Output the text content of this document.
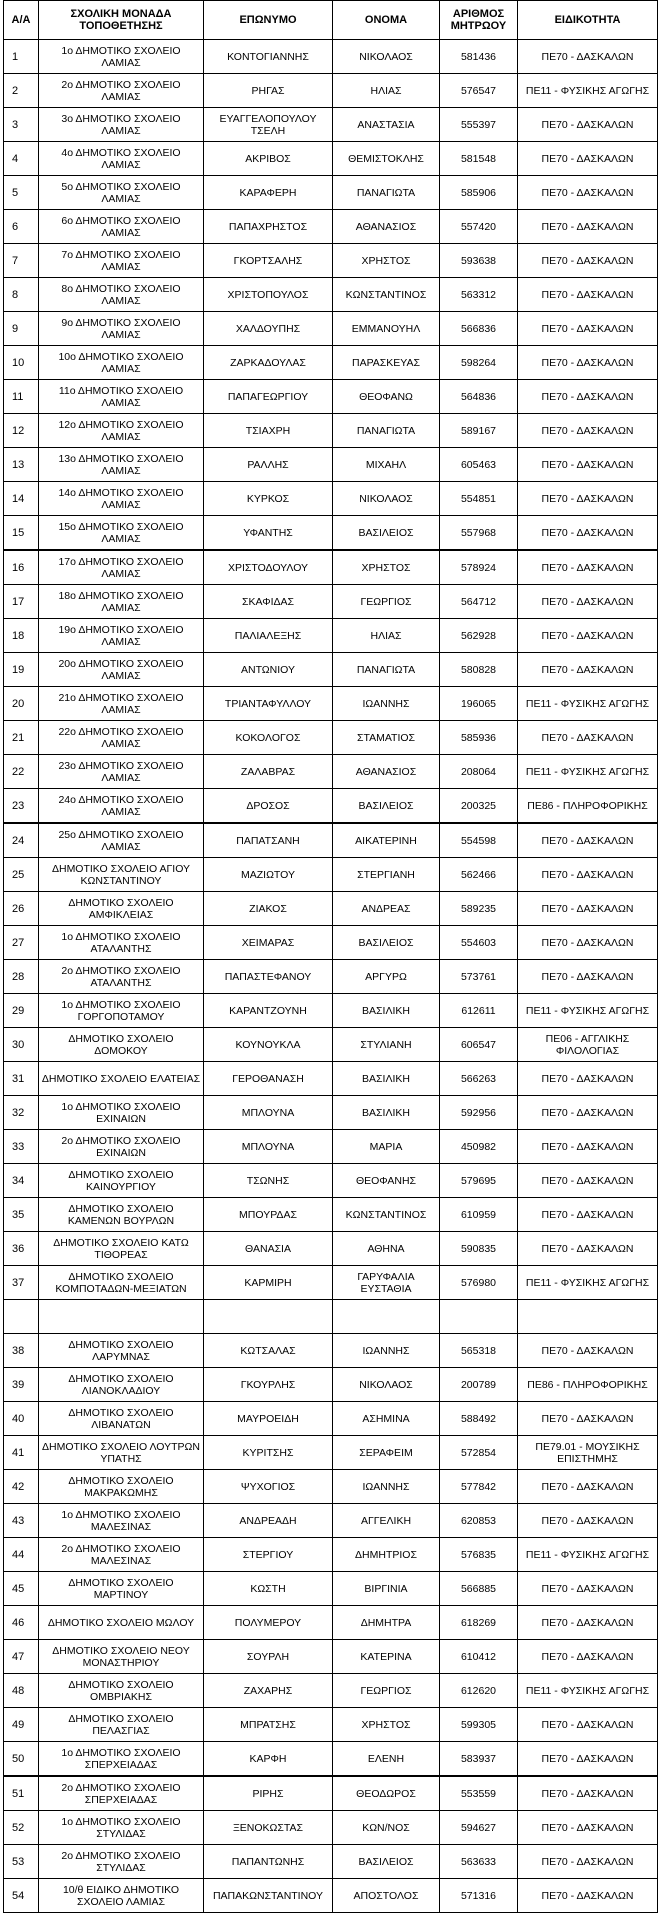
Α/Α	ΣΧΟΛΙΚΗ ΜΟΝΑΔΑ ΤΟΠΟΘΕΤΗΣΗΣ	ΕΠΩΝΥΜΟ	ΟΝΟΜΑ	ΑΡΙΘΜΟΣ ΜΗΤΡΩΟΥ	ΕΙΔΙΚΟΤΗΤΑ
1	1ο ΔΗΜΟΤΙΚΟ ΣΧΟΛΕΙΟ ΛΑΜΙΑΣ	ΚΟΝΤΟΓΙΑΝΝΗΣ	ΝΙΚΟΛΑΟΣ	581436	ΠΕ70 - ΔΑΣΚΑΛΩΝ
2	2ο ΔΗΜΟΤΙΚΟ ΣΧΟΛΕΙΟ ΛΑΜΙΑΣ	ΡΗΓΑΣ	ΗΛΙΑΣ	576547	ΠΕ11 - ΦΥΣΙΚΗΣ ΑΓΩΓΗΣ
3	3ο ΔΗΜΟΤΙΚΟ ΣΧΟΛΕΙΟ ΛΑΜΙΑΣ	ΕΥΑΓΓΕΛΟΠΟΥΛΟΥ ΤΣΕΛΗ	ΑΝΑΣΤΑΣΙΑ	555397	ΠΕ70 - ΔΑΣΚΑΛΩΝ
4	4ο ΔΗΜΟΤΙΚΟ ΣΧΟΛΕΙΟ ΛΑΜΙΑΣ	ΑΚΡΙΒΟΣ	ΘΕΜΙΣΤΟΚΛΗΣ	581548	ΠΕ70 - ΔΑΣΚΑΛΩΝ
5	5ο ΔΗΜΟΤΙΚΟ ΣΧΟΛΕΙΟ ΛΑΜΙΑΣ	ΚΑΡΑΦΕΡΗ	ΠΑΝΑΓΙΩΤΑ	585906	ΠΕ70 - ΔΑΣΚΑΛΩΝ
6	6ο ΔΗΜΟΤΙΚΟ ΣΧΟΛΕΙΟ ΛΑΜΙΑΣ	ΠΑΠΑΧΡΗΣΤΟΣ	ΑΘΑΝΑΣΙΟΣ	557420	ΠΕ70 - ΔΑΣΚΑΛΩΝ
7	7ο ΔΗΜΟΤΙΚΟ ΣΧΟΛΕΙΟ ΛΑΜΙΑΣ	ΓΚΟΡΤΣΑΛΗΣ	ΧΡΗΣΤΟΣ	593638	ΠΕ70 - ΔΑΣΚΑΛΩΝ
8	8ο ΔΗΜΟΤΙΚΟ ΣΧΟΛΕΙΟ ΛΑΜΙΑΣ	ΧΡΙΣΤΟΠΟΥΛΟΣ	ΚΩΝΣΤΑΝΤΙΝΟΣ	563312	ΠΕ70 - ΔΑΣΚΑΛΩΝ
9	9ο ΔΗΜΟΤΙΚΟ ΣΧΟΛΕΙΟ ΛΑΜΙΑΣ	ΧΑΛΔΟΥΠΗΣ	ΕΜΜΑΝΟΥΗΛ	566836	ΠΕ70 - ΔΑΣΚΑΛΩΝ
10	10ο ΔΗΜΟΤΙΚΟ ΣΧΟΛΕΙΟ ΛΑΜΙΑΣ	ΖΑΡΚΑΔΟΥΛΑΣ	ΠΑΡΑΣΚΕΥΑΣ	598264	ΠΕ70 - ΔΑΣΚΑΛΩΝ
11	11ο ΔΗΜΟΤΙΚΟ ΣΧΟΛΕΙΟ ΛΑΜΙΑΣ	ΠΑΠΑΓΕΩΡΓΙΟΥ	ΘΕΟΦΑΝΩ	564836	ΠΕ70 - ΔΑΣΚΑΛΩΝ
12	12ο ΔΗΜΟΤΙΚΟ ΣΧΟΛΕΙΟ ΛΑΜΙΑΣ	ΤΣΙΑΧΡΗ	ΠΑΝΑΓΙΩΤΑ	589167	ΠΕ70 - ΔΑΣΚΑΛΩΝ
13	13ο ΔΗΜΟΤΙΚΟ ΣΧΟΛΕΙΟ ΛΑΜΙΑΣ	ΡΑΛΛΗΣ	ΜΙΧΑΗΛ	605463	ΠΕ70 - ΔΑΣΚΑΛΩΝ
14	14ο ΔΗΜΟΤΙΚΟ ΣΧΟΛΕΙΟ ΛΑΜΙΑΣ	ΚΥΡΚΟΣ	ΝΙΚΟΛΑΟΣ	554851	ΠΕ70 - ΔΑΣΚΑΛΩΝ
15	15ο ΔΗΜΟΤΙΚΟ ΣΧΟΛΕΙΟ ΛΑΜΙΑΣ	ΥΦΑΝΤΗΣ	ΒΑΣΙΛΕΙΟΣ	557968	ΠΕ70 - ΔΑΣΚΑΛΩΝ
16	17ο ΔΗΜΟΤΙΚΟ ΣΧΟΛΕΙΟ ΛΑΜΙΑΣ	ΧΡΙΣΤΟΔΟΥΛΟΥ	ΧΡΗΣΤΟΣ	578924	ΠΕ70 - ΔΑΣΚΑΛΩΝ
17	18ο ΔΗΜΟΤΙΚΟ ΣΧΟΛΕΙΟ ΛΑΜΙΑΣ	ΣΚΑΦΙΔΑΣ	ΓΕΩΡΓΙΟΣ	564712	ΠΕ70 - ΔΑΣΚΑΛΩΝ
18	19ο ΔΗΜΟΤΙΚΟ ΣΧΟΛΕΙΟ ΛΑΜΙΑΣ	ΠΑΛΙΑΛΕΞΗΣ	ΗΛΙΑΣ	562928	ΠΕ70 - ΔΑΣΚΑΛΩΝ
19	20ο ΔΗΜΟΤΙΚΟ ΣΧΟΛΕΙΟ ΛΑΜΙΑΣ	ΑΝΤΩΝΙΟΥ	ΠΑΝΑΓΙΩΤΑ	580828	ΠΕ70 - ΔΑΣΚΑΛΩΝ
20	21ο ΔΗΜΟΤΙΚΟ ΣΧΟΛΕΙΟ ΛΑΜΙΑΣ	ΤΡΙΑΝΤΑΦΥΛΛΟΥ	ΙΩΑΝΝΗΣ	196065	ΠΕ11 - ΦΥΣΙΚΗΣ ΑΓΩΓΗΣ
21	22ο ΔΗΜΟΤΙΚΟ ΣΧΟΛΕΙΟ ΛΑΜΙΑΣ	ΚΟΚΟΛΟΓΟΣ	ΣΤΑΜΑΤΙΟΣ	585936	ΠΕ70 - ΔΑΣΚΑΛΩΝ
22	23ο ΔΗΜΟΤΙΚΟ ΣΧΟΛΕΙΟ ΛΑΜΙΑΣ	ΖΑΛΑΒΡΑΣ	ΑΘΑΝΑΣΙΟΣ	208064	ΠΕ11 - ΦΥΣΙΚΗΣ ΑΓΩΓΗΣ
23	24ο ΔΗΜΟΤΙΚΟ ΣΧΟΛΕΙΟ ΛΑΜΙΑΣ	ΔΡΟΣΟΣ	ΒΑΣΙΛΕΙΟΣ	200325	ΠΕ86 - ΠΛΗΡΟΦΟΡΙΚΗΣ
24	25ο ΔΗΜΟΤΙΚΟ ΣΧΟΛΕΙΟ ΛΑΜΙΑΣ	ΠΑΠΑΤΣΑΝΗ	ΑΙΚΑΤΕΡΙΝΗ	554598	ΠΕ70 - ΔΑΣΚΑΛΩΝ
25	ΔΗΜΟΤΙΚΟ ΣΧΟΛΕΙΟ ΑΓΙΟΥ ΚΩΝΣΤΑΝΤΙΝΟΥ	ΜΑΖΙΩΤΟΥ	ΣΤΕΡΓΙΑΝΗ	562466	ΠΕ70 - ΔΑΣΚΑΛΩΝ
26	ΔΗΜΟΤΙΚΟ ΣΧΟΛΕΙΟ ΑΜΦΙΚΛΕΙΑΣ	ΖΙΑΚΟΣ	ΑΝΔΡΕΑΣ	589235	ΠΕ70 - ΔΑΣΚΑΛΩΝ
27	1ο ΔΗΜΟΤΙΚΟ ΣΧΟΛΕΙΟ ΑΤΑΛΑΝΤΗΣ	ΧΕΙΜΑΡΑΣ	ΒΑΣΙΛΕΙΟΣ	554603	ΠΕ70 - ΔΑΣΚΑΛΩΝ
28	2ο ΔΗΜΟΤΙΚΟ ΣΧΟΛΕΙΟ ΑΤΑΛΑΝΤΗΣ	ΠΑΠΑΣΤΕΦΑΝΟΥ	ΑΡΓΥΡΩ	573761	ΠΕ70 - ΔΑΣΚΑΛΩΝ
29	1ο ΔΗΜΟΤΙΚΟ ΣΧΟΛΕΙΟ ΓΟΡΓΟΠΟΤΑΜΟΥ	ΚΑΡΑΝΤΖΟΥΝΗ	ΒΑΣΙΛΙΚΗ	612611	ΠΕ11 - ΦΥΣΙΚΗΣ ΑΓΩΓΗΣ
30	ΔΗΜΟΤΙΚΟ ΣΧΟΛΕΙΟ ΔΟΜΟΚΟΥ	ΚΟΥΝΟΥΚΛΑ	ΣΤΥΛΙΑΝΗ	606547	ΠΕ06 - ΑΓΓΛΙΚΗΣ ΦΙΛΟΛΟΓΙΑΣ
31	ΔΗΜΟΤΙΚΟ ΣΧΟΛΕΙΟ ΕΛΑΤΕΙΑΣ	ΓΕΡΟΘΑΝΑΣΗ	ΒΑΣΙΛΙΚΗ	566263	ΠΕ70 - ΔΑΣΚΑΛΩΝ
32	1ο ΔΗΜΟΤΙΚΟ ΣΧΟΛΕΙΟ ΕΧΙΝΑΙΩΝ	ΜΠΛΟΥΝΑ	ΒΑΣΙΛΙΚΗ	592956	ΠΕ70 - ΔΑΣΚΑΛΩΝ
33	2ο ΔΗΜΟΤΙΚΟ ΣΧΟΛΕΙΟ ΕΧΙΝΑΙΩΝ	ΜΠΛΟΥΝΑ	ΜΑΡΙΑ	450982	ΠΕ70 - ΔΑΣΚΑΛΩΝ
34	ΔΗΜΟΤΙΚΟ ΣΧΟΛΕΙΟ ΚΑΙΝΟΥΡΓΙΟΥ	ΤΣΩΝΗΣ	ΘΕΟΦΑΝΗΣ	579695	ΠΕ70 - ΔΑΣΚΑΛΩΝ
35	ΔΗΜΟΤΙΚΟ ΣΧΟΛΕΙΟ ΚΑΜΕΝΩΝ ΒΟΥΡΛΩΝ	ΜΠΟΥΡΔΑΣ	ΚΩΝΣΤΑΝΤΙΝΟΣ	610959	ΠΕ70 - ΔΑΣΚΑΛΩΝ
36	ΔΗΜΟΤΙΚΟ ΣΧΟΛΕΙΟ ΚΑΤΩ ΤΙΘΟΡΕΑΣ	ΘΑΝΑΣΙΑ	ΑΘΗΝΑ	590835	ΠΕ70 - ΔΑΣΚΑΛΩΝ
37	ΔΗΜΟΤΙΚΟ ΣΧΟΛΕΙΟ ΚΟΜΠΟΤΑΔΩΝ-ΜΕΞΙΑΤΩΝ	ΚΑΡΜΙΡΗ	ΓΑΡΥΦΑΛΙΑ ΕΥΣΤΑΘΙΑ	576980	ΠΕ11 - ΦΥΣΙΚΗΣ ΑΓΩΓΗΣ

38	ΔΗΜΟΤΙΚΟ ΣΧΟΛΕΙΟ ΛΑΡΥΜΝΑΣ	ΚΩΤΣΑΛΑΣ	ΙΩΑΝΝΗΣ	565318	ΠΕ70 - ΔΑΣΚΑΛΩΝ
39	ΔΗΜΟΤΙΚΟ ΣΧΟΛΕΙΟ ΛΙΑΝΟΚΛΑΔΙΟΥ	ΓΚΟΥΡΛΗΣ	ΝΙΚΟΛΑΟΣ	200789	ΠΕ86 - ΠΛΗΡΟΦΟΡΙΚΗΣ
40	ΔΗΜΟΤΙΚΟ ΣΧΟΛΕΙΟ ΛΙΒΑΝΑΤΩΝ	ΜΑΥΡΟΕΙΔΗ	ΑΣΗΜΙΝΑ	588492	ΠΕ70 - ΔΑΣΚΑΛΩΝ
41	ΔΗΜΟΤΙΚΟ ΣΧΟΛΕΙΟ ΛΟΥΤΡΩΝ ΥΠΑΤΗΣ	ΚΥΡΙΤΣΗΣ	ΣΕΡΑΦΕΙΜ	572854	ΠΕ79.01 - ΜΟΥΣΙΚΗΣ ΕΠΙΣΤΗΜΗΣ
42	ΔΗΜΟΤΙΚΟ ΣΧΟΛΕΙΟ ΜΑΚΡΑΚΩΜΗΣ	ΨΥΧΟΓΙΟΣ	ΙΩΑΝΝΗΣ	577842	ΠΕ70 - ΔΑΣΚΑΛΩΝ
43	1ο ΔΗΜΟΤΙΚΟ ΣΧΟΛΕΙΟ ΜΑΛΕΣΙΝΑΣ	ΑΝΔΡΕΑΔΗ	ΑΓΓΕΛΙΚΗ	620853	ΠΕ70 - ΔΑΣΚΑΛΩΝ
44	2ο ΔΗΜΟΤΙΚΟ ΣΧΟΛΕΙΟ ΜΑΛΕΣΙΝΑΣ	ΣΤΕΡΓΙΟΥ	ΔΗΜΗΤΡΙΟΣ	576835	ΠΕ11 - ΦΥΣΙΚΗΣ ΑΓΩΓΗΣ
45	ΔΗΜΟΤΙΚΟ ΣΧΟΛΕΙΟ ΜΑΡΤΙΝΟΥ	ΚΩΣΤΗ	ΒΙΡΓΙΝΙΑ	566885	ΠΕ70 - ΔΑΣΚΑΛΩΝ
46	ΔΗΜΟΤΙΚΟ ΣΧΟΛΕΙΟ ΜΩΛΟΥ	ΠΟΛΥΜΕΡΟΥ	ΔΗΜΗΤΡΑ	618269	ΠΕ70 - ΔΑΣΚΑΛΩΝ
47	ΔΗΜΟΤΙΚΟ ΣΧΟΛΕΙΟ ΝΕΟΥ ΜΟΝΑΣΤΗΡΙΟΥ	ΣΟΥΡΛΗ	ΚΑΤΕΡΙΝΑ	610412	ΠΕ70 - ΔΑΣΚΑΛΩΝ
48	ΔΗΜΟΤΙΚΟ ΣΧΟΛΕΙΟ ΟΜΒΡΙΑΚΗΣ	ΖΑΧΑΡΗΣ	ΓΕΩΡΓΙΟΣ	612620	ΠΕ11 - ΦΥΣΙΚΗΣ ΑΓΩΓΗΣ
49	ΔΗΜΟΤΙΚΟ ΣΧΟΛΕΙΟ ΠΕΛΑΣΓΙΑΣ	ΜΠΡΑΤΣΗΣ	ΧΡΗΣΤΟΣ	599305	ΠΕ70 - ΔΑΣΚΑΛΩΝ
50	1ο ΔΗΜΟΤΙΚΟ ΣΧΟΛΕΙΟ ΣΠΕΡΧΕΙΑΔΑΣ	ΚΑΡΦΗ	ΕΛΕΝΗ	583937	ΠΕ70 - ΔΑΣΚΑΛΩΝ
51	2ο ΔΗΜΟΤΙΚΟ ΣΧΟΛΕΙΟ ΣΠΕΡΧΕΙΑΔΑΣ	ΡΙΡΗΣ	ΘΕΟΔΩΡΟΣ	553559	ΠΕ70 - ΔΑΣΚΑΛΩΝ
52	1ο ΔΗΜΟΤΙΚΟ ΣΧΟΛΕΙΟ ΣΤΥΛΙΔΑΣ	ΞΕΝΟΚΩΣΤΑΣ	ΚΩΝ/ΝΟΣ	594627	ΠΕ70 - ΔΑΣΚΑΛΩΝ
53	2ο ΔΗΜΟΤΙΚΟ ΣΧΟΛΕΙΟ ΣΤΥΛΙΔΑΣ	ΠΑΠΑΝΤΩΝΗΣ	ΒΑΣΙΛΕΙΟΣ	563633	ΠΕ70 - ΔΑΣΚΑΛΩΝ
54	10/θ ΕΙΔΙΚΟ ΔΗΜΟΤΙΚΟ ΣΧΟΛΕΙΟ ΛΑΜΙΑΣ	ΠΑΠΑΚΩΝΣΤΑΝΤΙΝΟΥ	ΑΠΟΣΤΟΛΟΣ	571316	ΠΕ70 - ΔΑΣΚΑΛΩΝ
